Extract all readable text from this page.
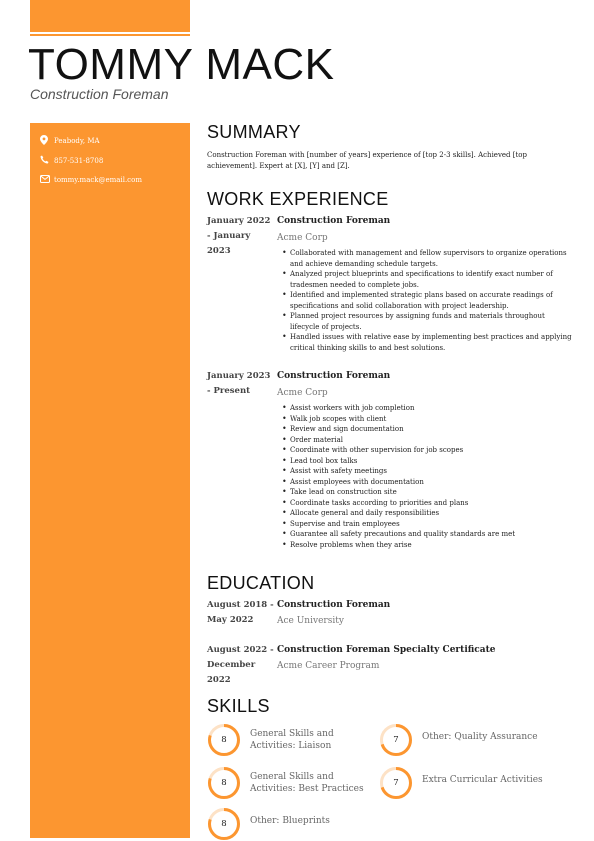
TOMMY MACK
Construction Foreman
Peabody, MA
857-531-8708
tommy.mack@email.com
SUMMARY
Construction Foreman with [number of years] experience of [top 2-3 skills]. Achieved [top achievement]. Expert at [X], [Y] and [Z].
WORK EXPERIENCE
January 2022 - January 2023
Construction Foreman
Acme Corp
• Collaborated with management and fellow supervisors to organize operations and achieve demanding schedule targets.
• Analyzed project blueprints and specifications to identify exact number of tradesmen needed to complete jobs.
• Identified and implemented strategic plans based on accurate readings of specifications and solid collaboration with project leadership.
• Planned project resources by assigning funds and materials throughout lifecycle of projects.
• Handled issues with relative ease by implementing best practices and applying critical thinking skills to and best solutions.
January 2023 - Present
Construction Foreman
Acme Corp
• Assist workers with job completion
• Walk job scopes with client
• Review and sign documentation
• Order material
• Coordinate with other supervision for job scopes
• Lead tool box talks
• Assist with safety meetings
• Assist employees with documentation
• Take lead on construction site
• Coordinate tasks according to priorities and plans
• Allocate general and daily responsibilities
• Supervise and train employees
• Guarantee all safety precautions and quality standards are met
• Resolve problems when they arise
EDUCATION
August 2018 - May 2022
Construction Foreman
Ace University
August 2022 - December 2022
Construction Foreman Specialty Certificate
Acme Career Program
SKILLS
8
General Skills and Activities: Liaison
7	Other: Quality Assurance
8
General Skills and Activities: Best Practices
7	Extra Curricular Activities
8	Other: Blueprints
